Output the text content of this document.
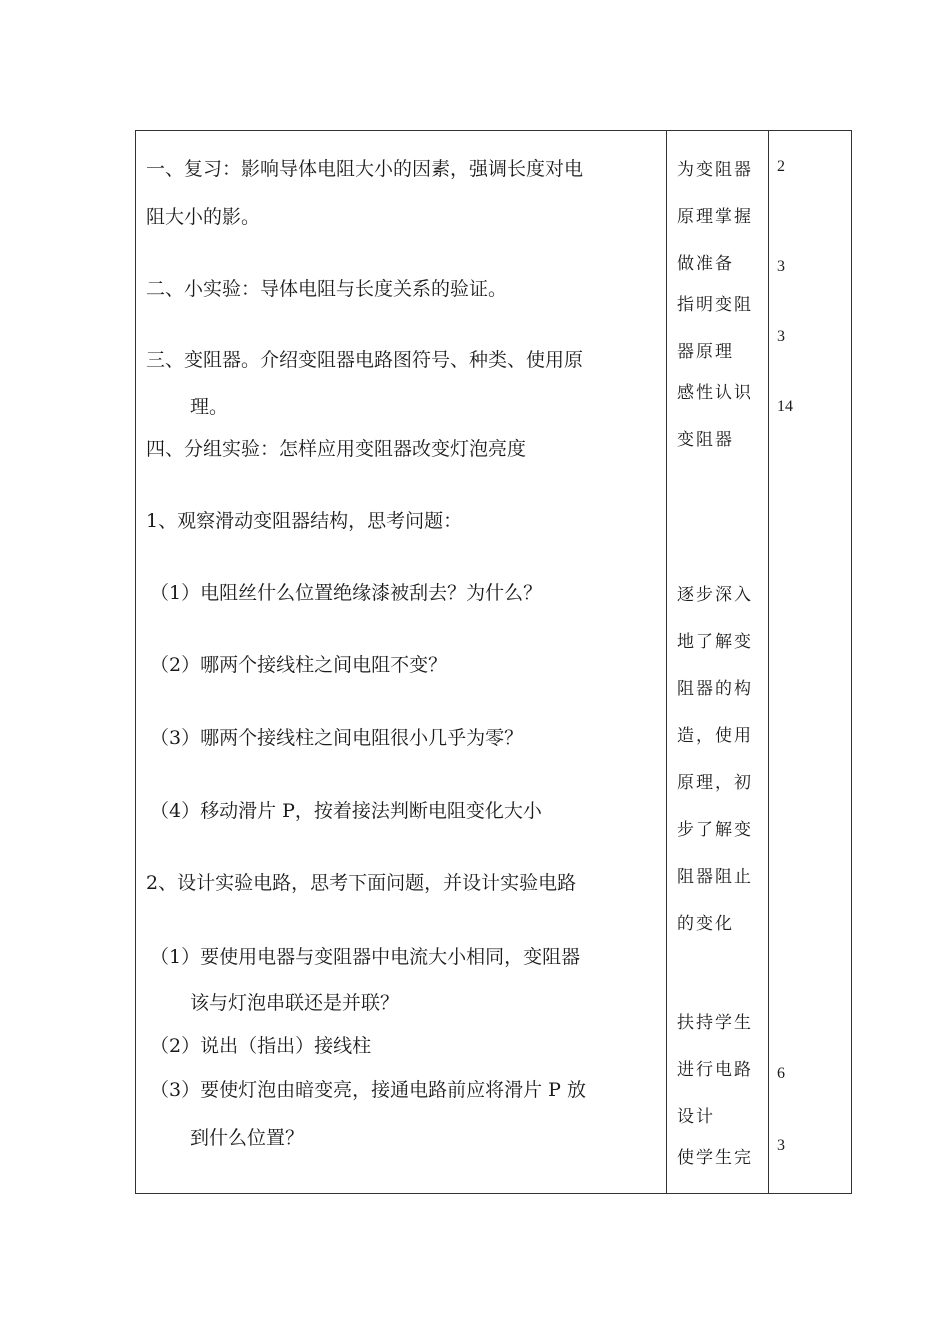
一、复习：影响导体电阻大小的因素，强调长度对电
阻大小的影。
二、小实验：导体电阻与长度关系的验证。
三、变阻器。介绍变阻器电路图符号、种类、使用原
理。
四、分组实验：怎样应用变阻器改变灯泡亮度
1、观察滑动变阻器结构，思考问题：
（1）电阻丝什么位置绝缘漆被刮去？为什么？
（2）哪两个接线柱之间电阻不变？
（3）哪两个接线柱之间电阻很小几乎为零？
（4）移动滑片 P，按着接法判断电阻变化大小
2、设计实验电路，思考下面问题，并设计实验电路
（1）要使用电器与变阻器中电流大小相同，变阻器
该与灯泡串联还是并联？
（2）说出（指出）接线柱
（3）要使灯泡由暗变亮，接通电路前应将滑片 P 放
到什么位置？
为变阻器
原理掌握
做准备
指明变阻
器原理
感性认识
变阻器
逐步深入
地了解变
阻器的构
造，使用
原理，初
步了解变
阻器阻止
的变化
扶持学生
进行电路
设计
使学生完
2
3
3
14
6
3
